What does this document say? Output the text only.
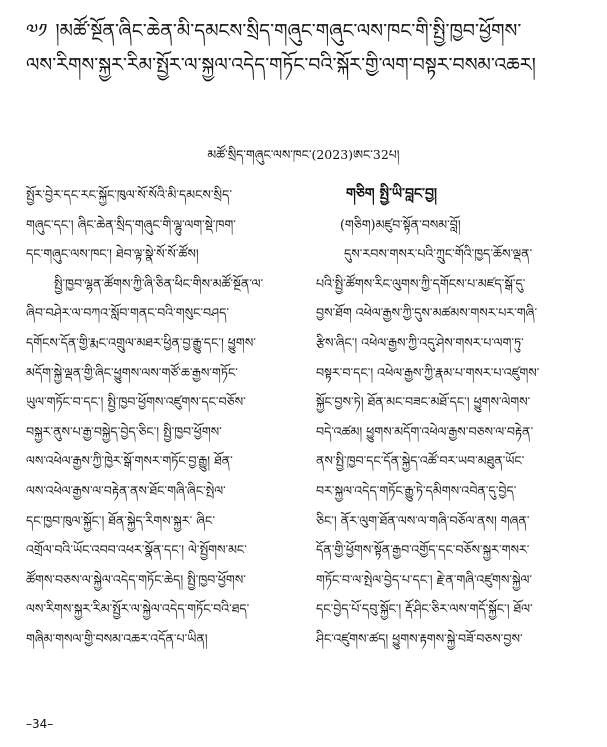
༧༡ །མཚོ་སྔོན་ཞིང་ཆེན་མི་དམངས་སྲིད་གཞུང་གཞུང་ལས་ཁང་གི་སྤྱི་ཁྱབ་ཕྱོགས་
ལས་རིགས་སྐྱར་རིམ་སྤྱོར་ལ་སྐྱལ་འདེད་གཏོང་བའི་སྐོར་གྱི་ལག་བསྟར་བསམ་འཆར།
མཚོ་སྲིད་གཞུང་ལས་ཁང་(2023)ཨང་32པ།
སྤྱོར་བྱེར་དང་རང་སྐྱོང་ཁུལ་སོ་སོའི་མི་དམངས་སྲིད་
གཞུང་དང་། ཞིང་ཆེན་སྲིད་གཞུང་གི་ལྷུ་ལག་སྡེ་ཁག་
དང་གཞུང་ལས་ཁང་། ཐེབ་ལྟ་སྣེ་སོ་སོ་ཚོས།
སྤྱི་ཁྱབ་ལྷན་ཚོགས་ཀྱི་ཞི་ཅིན་ཕིང་གིས་མཚོ་སྔོན་ལ་
ཞིབ་བཤེར་ལ་བཀའ་སློབ་གནང་བའི་གསུང་བཤད་
དགོངས་དོན་གྱི་རྨང་འགྲུལ་མཐར་ཕྱིན་བྱ་རྒྱུ་དང་། ཕྱུགས་
མདོག་སྐྱེ་ལྡན་གྱི་ཞིང་ཕྱུགས་ལས་གཙོ་ཆ་རྒྱས་གཏོང་
ཡུལ་གཏོང་བ་དང་། སྤྱི་ཁྱབ་ཕྱོགས་འཛུགས་དང་བཅོས་
བསྐྱར་ནུས་པ་རྒྱ་བསྐྱེད་བྱེད་ཅིང་། སྤྱི་ཁྱབ་ཕྱོགས་
ལས་འཕེལ་རྒྱས་ཀྱི་ཁྱེར་སྒོ་གསར་གཏོང་བྱ་རྒྱུ། ཐོན་
ལས་འཕེལ་རྒྱས་ལ་བརྟེན་ནས་ཐོང་གཞི་ཞིང་སྤེལ་
དང་ཁྱབ་ཁུལ་སྐྱོང་། ཐོན་སྐྱེད་རིགས་སྐྱར་ ཞིང་
འགྲོལ་བའི་ཡོང་འབབ་འཕར་སྣོན་དང་། ལེ་སྤྱོགས་མང་
ཚོགས་བཅས་ལ་སྐྱེལ་འདེད་གཏོང་ཆེད། སྤྱི་ཁྱབ་ཕྱོགས་
ལས་རིགས་སྐྱར་རིམ་སྤྱོར་ལ་སྐྱེལ་འདེད་གཏོང་བའི་ཐད་
གཞིམ་གསལ་གྱི་བསམ་འཆར་འདོན་པ་ཡིན།
གཅིག སྤྱི་ཡི་བླང་བྱ།
(གཅིག)མཛུབ་སྟོན་བསམ་བློ།
དུས་རབས་གསར་པའི་ཀྲུང་གོའི་ཁྱད་ཆོས་ལྡན་
པའི་སྤྱི་ཚོགས་རིང་ལུགས་ཀྱི་དགོངས་པ་མཛད་སྒོ་དུ་
བྱས་ཐོག འཕེལ་རྒྱས་ཀྱི་དུས་མཚམས་གསར་པར་གཞི་
རྩིས་ཞིང་། འཕེལ་རྒྱས་ཀྱི་འདུ་ཤེས་གསར་པ་ལག་ཏུ་
བསྟར་བ་དང་། འཕེལ་རྒྱས་ཀྱི་རྣམ་པ་གསར་པ་འཛུགས་
སྐྱོང་བྱས་ཏེ། ཐོན་མང་བཟང་མཐོ་དང་། ཕྱུགས་ལེགས་
བདེ་འཚམ། ཕྱུགས་མདོག་འཕེལ་རྒྱས་བཅས་ལ་བརྟེན་
ནས་སྤྱི་ཁྱབ་དང་དོན་སྐྱེད་འཚོ་བར་ཡབ་མཐུན་ཡོང་
བར་སྐྱལ་འདེད་གཏོང་རྒྱུ་ཏེ་དམིགས་འབེན་དུ་བྱེད་
ཅིང་། ནོར་ལུག་ཐོན་ལས་ལ་གཞི་བཅོལ་ནས། གཞན་
དོན་གྱི་ཕྱོགས་སྟོན་རྒྱབ་འགྱོད་དང་བཅོས་སྐྱར་གསར་
གཏོང་བ་ལ་སྤེལ་བྱེད་པ་དང་། རྗེ་ན་གཞི་འཛུགས་སྐྱེལ་
དང་བྱེད་པོ་དབུ་སྐྱོང་། རྡོ་ཤིང་ཅིར་ལས་གདོ་སྐྱོང་། ཐོལ་
ཤིང་འཛུགས་ཚད། ཕྱུགས་རྟགས་སྐྱེ་བཟོ་བཅས་བྱས་
–34–
